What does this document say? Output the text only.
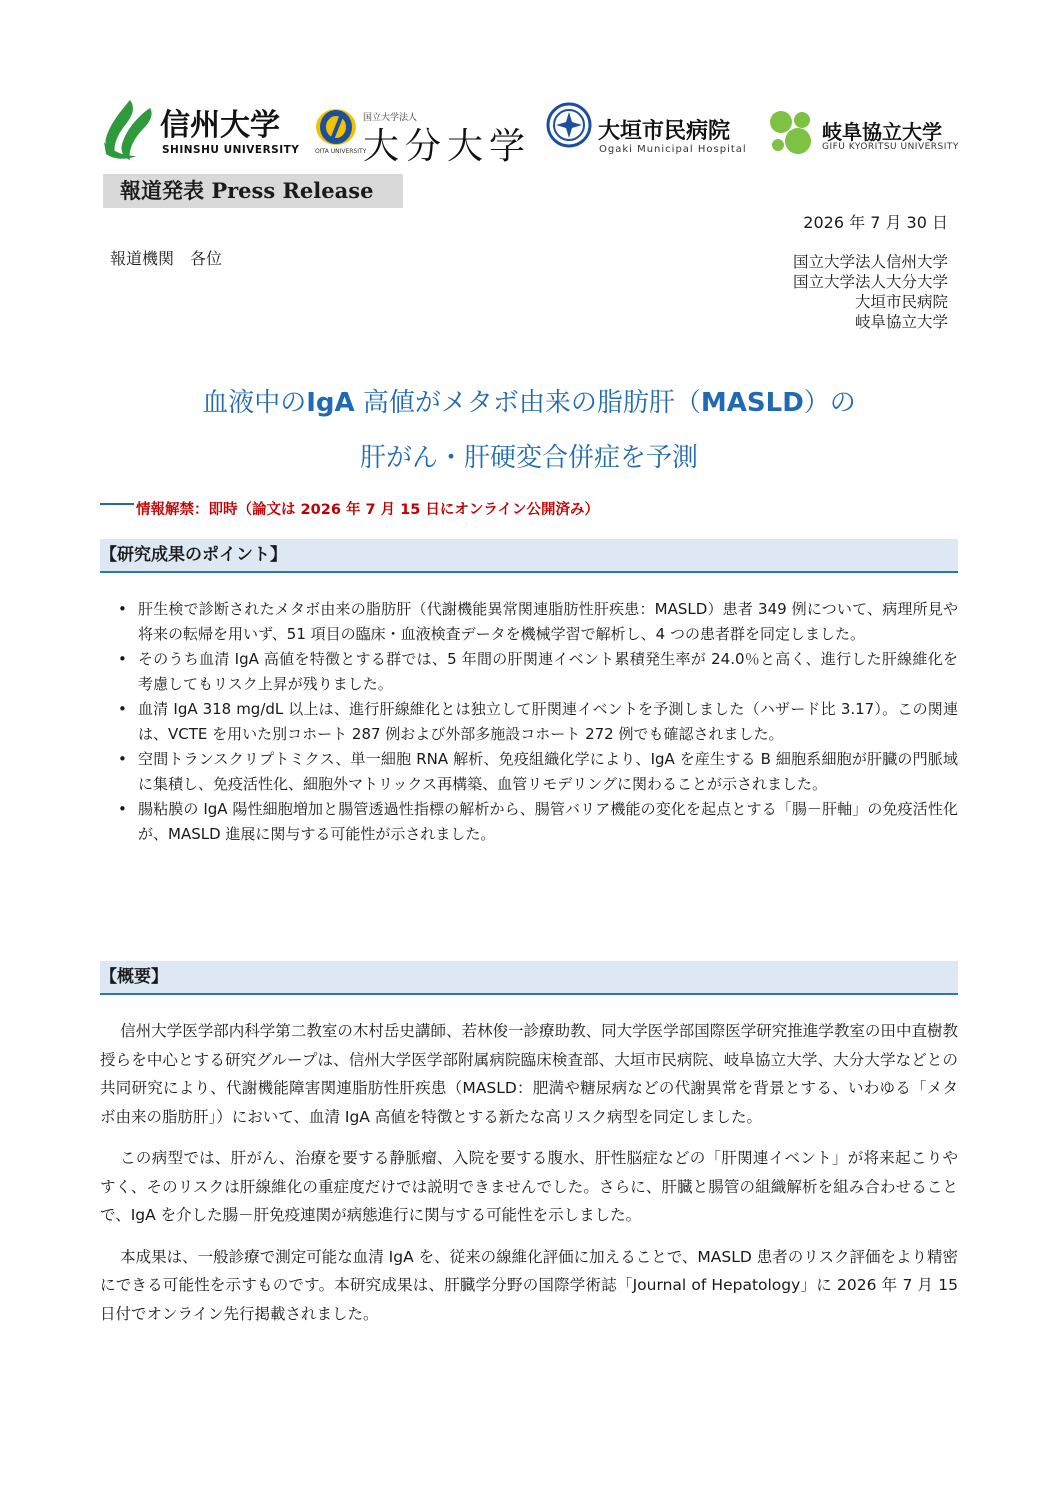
信州大学
SHINSHU UNIVERSITY
国立大学法人
OITA UNIVERSITY
大分大学	大垣市民病院
Ogaki Municipal Hospital
岐阜協立大学
GIFU KYORITSU UNIVERSITY
報道発表 Press Release
2026 年 7 月 30 日
報道機関　各位	国立大学法人信州大学
国立大学法人大分大学
大垣市民病院
岐阜協立大学
血液中のIgA 高値がメタボ由来の脂肪肝（MASLD）の
肝がん・肝硬変合併症を予測
情報解禁：即時（論文は 2026 年 7 月 15 日にオンライン公開済み）
【研究成果のポイント】
• 肝生検で診断されたメタボ由来の脂肪肝（代謝機能異常関連脂肪性肝疾患：MASLD）患者 349 例について、病理所見や将来の転帰を用いず、51 項目の臨床・血液検査データを機械学習で解析し、4 つの患者群を同定しました。
• そのうち血清 IgA 高値を特徴とする群では、5 年間の肝関連イベント累積発生率が 24.0％と高く、進行した肝線維化を考慮してもリスク上昇が残りました。
• 血清 IgA 318 mg/dL 以上は、進行肝線維化とは独立して肝関連イベントを予測しました（ハザード比 3.17）。この関連は、VCTE を用いた別コホート 287 例および外部多施設コホート 272 例でも確認されました。
• 空間トランスクリプトミクス、単一細胞 RNA 解析、免疫組織化学により、IgA を産生する B 細胞系細胞が肝臓の門脈域に集積し、免疫活性化、細胞外マトリックス再構築、血管リモデリングに関わることが示されました。
• 腸粘膜の IgA 陽性細胞増加と腸管透過性指標の解析から、腸管バリア機能の変化を起点とする「腸－肝軸」の免疫活性化が、MASLD 進展に関与する可能性が示されました。
【概要】

信州大学医学部内科学第二教室の木村岳史講師、若林俊一診療助教、同大学医学部国際医学研究推進学教室の田中直樹教授らを中心とする研究グループは、信州大学医学部附属病院臨床検査部、大垣市民病院、岐阜協立大学、大分大学などとの共同研究により、代謝機能障害関連脂肪性肝疾患（MASLD：肥満や糖尿病などの代謝異常を背景とする、いわゆる「メタボ由来の脂肪肝」）において、血清 IgA 高値を特徴とする新たな高リスク病型を同定しました。

この病型では、肝がん、治療を要する静脈瘤、入院を要する腹水、肝性脳症などの「肝関連イベント」が将来起こりやすく、そのリスクは肝線維化の重症度だけでは説明できませんでした。さらに、肝臓と腸管の組織解析を組み合わせることで、IgA を介した腸－肝免疫連関が病態進行に関与する可能性を示しました。

本成果は、一般診療で測定可能な血清 IgA を、従来の線維化評価に加えることで、MASLD 患者のリスク評価をより精密にできる可能性を示すものです。本研究成果は、肝臓学分野の国際学術誌「Journal of Hepatology」に 2026 年 7 月 15 日付でオンライン先行掲載されました。
